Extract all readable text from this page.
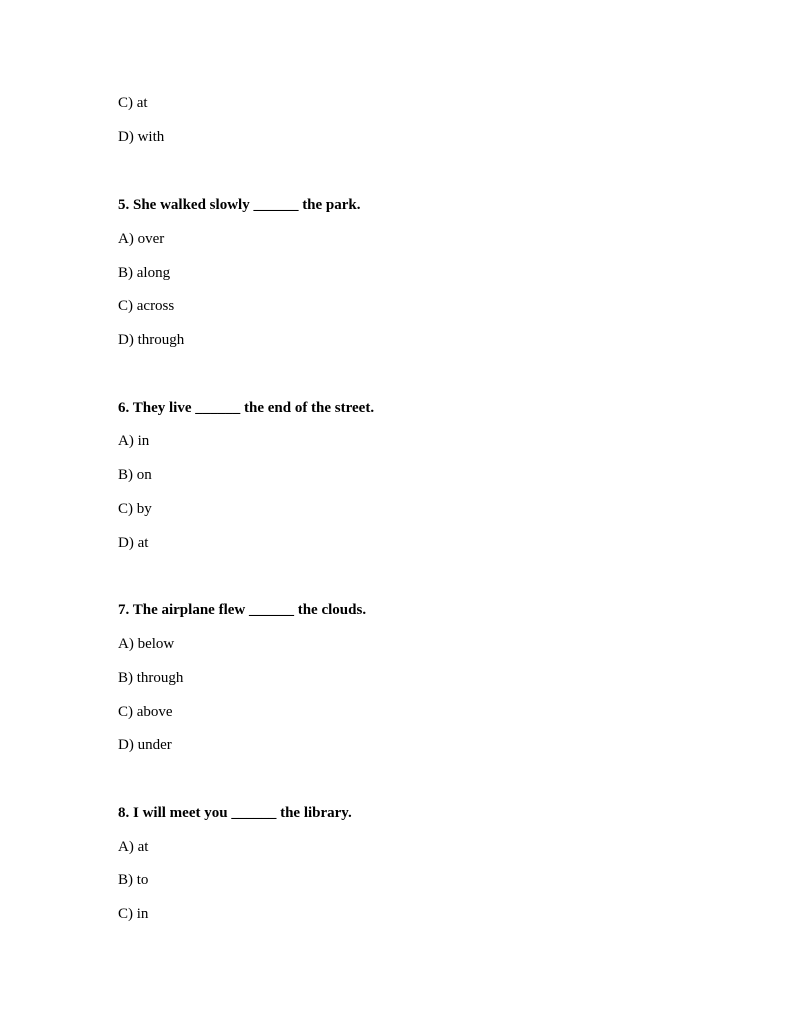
C) at
D) with
5. She walked slowly ______ the park.
A) over
B) along
C) across
D) through
6. They live ______ the end of the street.
A) in
B) on
C) by
D) at
7. The airplane flew ______ the clouds.
A) below
B) through
C) above
D) under
8. I will meet you ______ the library.
A) at
B) to
C) in
